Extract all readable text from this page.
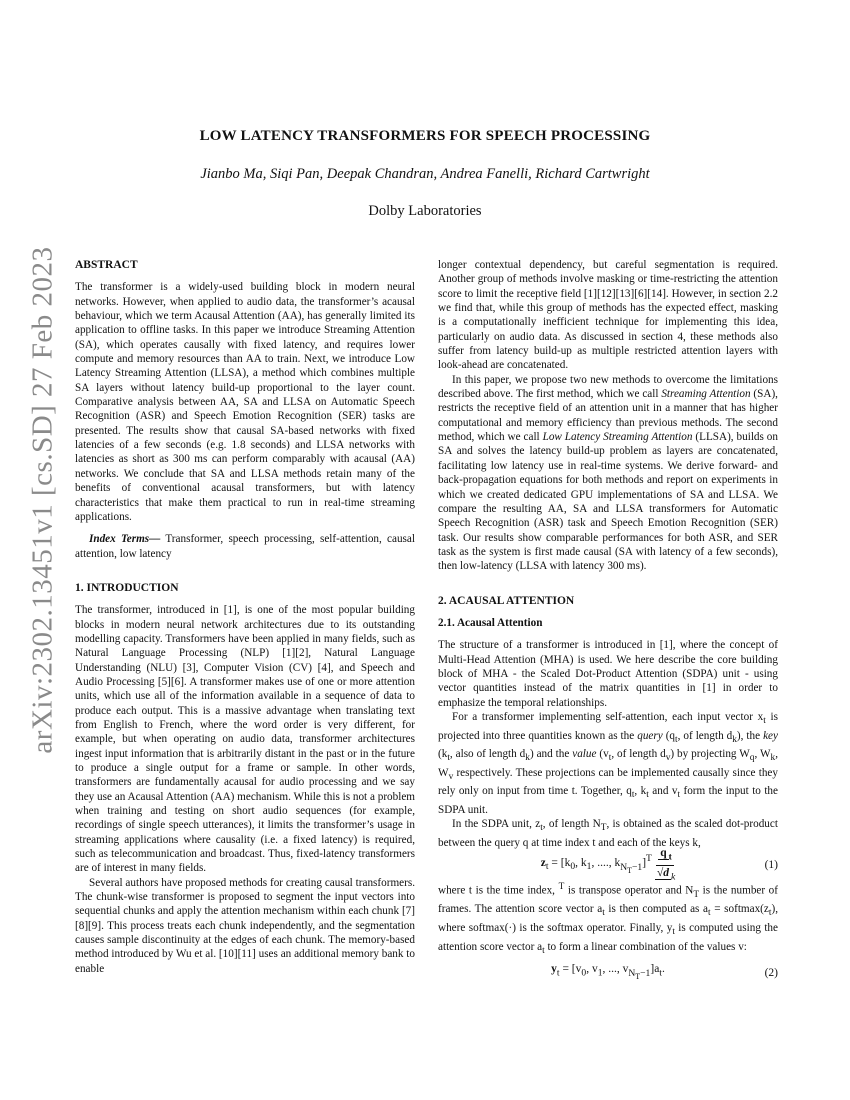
arXiv:2302.13451v1 [cs.SD] 27 Feb 2023
LOW LATENCY TRANSFORMERS FOR SPEECH PROCESSING
Jianbo Ma, Siqi Pan, Deepak Chandran, Andrea Fanelli, Richard Cartwright
Dolby Laboratories

ABSTRACT

The transformer is a widely-used building block in modern neural networks. However, when applied to audio data, the transformer’s acausal behaviour, which we term Acausal Attention (AA), has generally limited its application to offline tasks. In this paper we introduce Streaming Attention (SA), which operates causally with fixed latency, and requires lower compute and memory resources than AA to train. Next, we introduce Low Latency Streaming Attention (LLSA), a method which combines multiple SA layers without latency build-up proportional to the layer count. Comparative analysis between AA, SA and LLSA on Automatic Speech Recognition (ASR) and Speech Emotion Recognition (SER) tasks are presented. The results show that causal SA-based networks with fixed latencies of a few seconds (e.g. 1.8 seconds) and LLSA networks with latencies as short as 300 ms can perform comparably with acausal (AA) networks. We conclude that SA and LLSA methods retain many of the benefits of conventional acausal transformers, but with latency characteristics that make them practical to run in real-time streaming applications.

Index Terms— Transformer, speech processing, self-attention, causal attention, low latency

1. INTRODUCTION

The transformer, introduced in [1], is one of the most popular building blocks in modern neural network architectures due to its outstanding modelling capacity. Transformers have been applied in many fields, such as Natural Language Processing (NLP) [1][2], Natural Language Understanding (NLU) [3], Computer Vision (CV) [4], and Speech and Audio Processing [5][6]. A transformer makes use of one or more attention units, which use all of the information available in a sequence of data to produce each output. This is a massive advantage when translating text from English to French, where the word order is very different, for example, but when operating on audio data, transformer architectures ingest input information that is arbitrarily distant in the past or in the future to produce a single output for a frame or sample. In other words, transformers are fundamentally acausal for audio processing and we say they use an Acausal Attention (AA) mechanism. While this is not a problem when training and testing on short audio sequences (for example, recordings of single speech utterances), it limits the transformer’s usage in streaming applications where causality (i.e. a fixed latency) is required, such as telecommunication and broadcast. Thus, fixed-latency transformers are of interest in many fields.

Several authors have proposed methods for creating causal transformers. The chunk-wise transformer is proposed to segment the input vectors into sequential chunks and apply the attention mechanism within each chunk [7][8][9]. This process treats each chunk independently, and the segmentation causes sample discontinuity at the edges of each chunk. The memory-based method introduced by Wu et al. [10][11] uses an additional memory bank to enable

longer contextual dependency, but careful segmentation is required. Another group of methods involve masking or time-restricting the attention score to limit the receptive field [1][12][13][6][14]. However, in section 2.2 we find that, while this group of methods has the expected effect, masking is a computationally inefficient technique for implementing this idea, particularly on audio data. As discussed in section 4, these methods also suffer from latency build-up as multiple restricted attention layers with look-ahead are concatenated.

In this paper, we propose two new methods to overcome the limitations described above. The first method, which we call Streaming Attention (SA), restricts the receptive field of an attention unit in a manner that has higher computational and memory efficiency than previous methods. The second method, which we call Low Latency Streaming Attention (LLSA), builds on SA and solves the latency build-up problem as layers are concatenated, facilitating low latency use in real-time systems. We derive forward- and back-propagation equations for both methods and report on experiments in which we created dedicated GPU implementations of SA and LLSA. We compare the resulting AA, SA and LLSA transformers for Automatic Speech Recognition (ASR) task and Speech Emotion Recognition (SER) task. Our results show comparable performances for both ASR, and SER task as the system is first made causal (SA with latency of a few seconds), then low-latency (LLSA with latency 300 ms).

2. ACAUSAL ATTENTION

2.1. Acausal Attention

The structure of a transformer is introduced in [1], where the concept of Multi-Head Attention (MHA) is used. We here describe the core building block of MHA - the Scaled Dot-Product Attention (SDPA) unit - using vector quantities instead of the matrix quantities in [1] in order to emphasize the temporal relationships.

For a transformer implementing self-attention, each input vector $x_t$ is projected into three quantities known as the query ($q_t$, of length $d_k$), the key ($k_t$, also of length $d_k$) and the value ($v_t$, of length $d_v$) by projecting $W_q$, $W_k$, $W_v$ respectively. These projections can be implemented causally since they rely only on input from time t. Together, $q_t$, $k_t$ and $v_t$ form the input to the SDPA unit.

In the SDPA unit, $z_t$, of length $N_T$, is obtained as the scaled dot-product between the query q at time index t and each of the keys k,

$z_t = [k_0$, $k_1$, ...., $k_{N_T-1}]^T \frac{q _t}{√d _k}$	(1)

where t is the time index, $^T$ is transpose operator and $N_T$ is the number of frames. The attention score vector $a_t$ is then computed as $a_t$ = $softmax(z_t)$, where softmax(·) is the softmax operator. Finally, $y_t$ is computed using the attention score vector $a_t$ to form a linear combination of the values v:

$y_t = [v_0$, $v_1$, ..., $v_{N_T-1}]a_t$.	(2)
